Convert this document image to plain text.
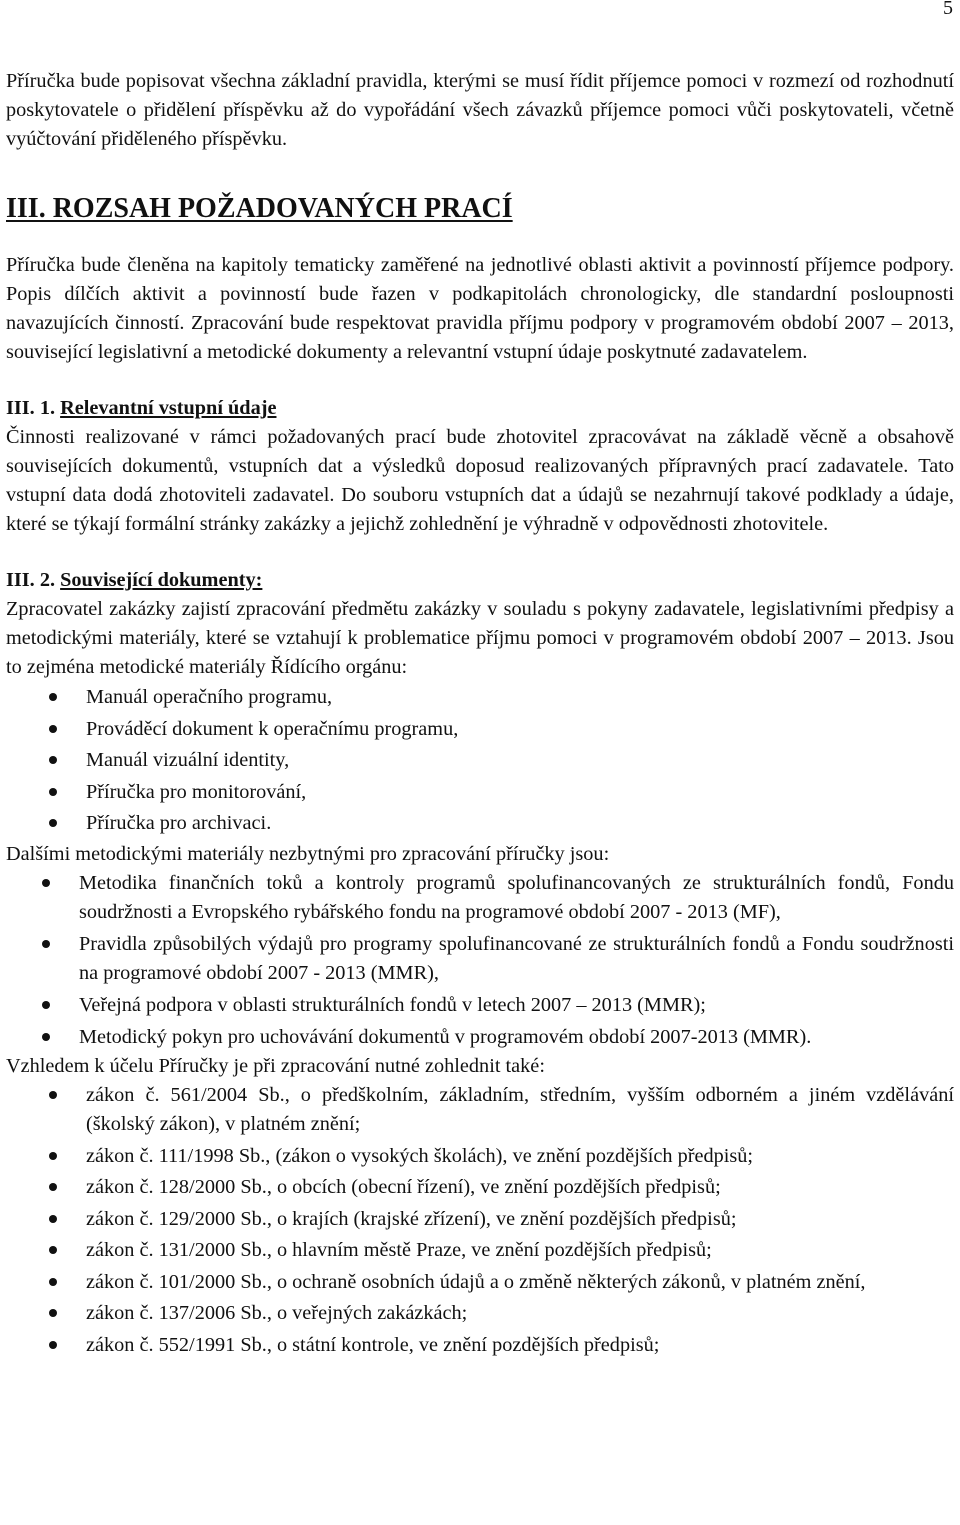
5

Příručka bude popisovat všechna základní pravidla, kterými se musí řídit příjemce pomoci v rozmezí od rozhodnutí poskytovatele o přidělení příspěvku až do vypořádání všech závazků příjemce pomoci vůči poskytovateli, včetně vyúčtování přiděleného příspěvku.

III. ROZSAH POŽADOVANÝCH PRACÍ

Příručka bude členěna na kapitoly tematicky zaměřené na jednotlivé oblasti aktivit a povinností příjemce podpory. Popis dílčích aktivit a povinností bude řazen v podkapitolách chronologicky, dle standardní posloupnosti navazujících činností. Zpracování bude respektovat pravidla příjmu podpory v programovém období 2007 – 2013, související legislativní a metodické dokumenty a relevantní vstupní údaje poskytnuté zadavatelem.

III. 1. Relevantní vstupní údaje

Činnosti realizované v rámci požadovaných prací bude zhotovitel zpracovávat na základě věcně a obsahově souvisejících dokumentů, vstupních dat a výsledků doposud realizovaných přípravných prací zadavatele. Tato vstupní data dodá zhotoviteli zadavatel. Do souboru vstupních dat a údajů se nezahrnují takové podklady a údaje, které se týkají formální stránky zakázky a jejichž zohlednění je výhradně v odpovědnosti zhotovitele.

III. 2. Související dokumenty:

Zpracovatel zakázky zajistí zpracování předmětu zakázky v souladu s pokyny zadavatele, legislativními předpisy a metodickými materiály, které se vztahují k problematice příjmu pomoci v programovém období 2007 – 2013. Jsou to zejména metodické materiály Řídícího orgánu:

Manuál operačního programu,
Prováděcí dokument k operačnímu programu,
Manuál vizuální identity,
Příručka pro monitorování,
Příručka pro archivaci.

Dalšími metodickými materiály nezbytnými pro zpracování příručky jsou:

Metodika finančních toků a kontroly programů spolufinancovaných ze strukturálních fondů, Fondu soudržnosti a Evropského rybářského fondu na programové období 2007 - 2013 (MF),
Pravidla způsobilých výdajů pro programy spolufinancované ze strukturálních fondů a Fondu soudržnosti na programové období 2007 - 2013 (MMR),
Veřejná podpora v oblasti strukturálních fondů v letech 2007 – 2013 (MMR);
Metodický pokyn pro uchovávání dokumentů v programovém období 2007-2013 (MMR).

Vzhledem k účelu Příručky je při zpracování nutné zohlednit také:

zákon č. 561/2004 Sb., o předškolním, základním, středním, vyšším odborném a jiném vzdělávání (školský zákon), v platném znění;
zákon č. 111/1998 Sb., (zákon o vysokých školách), ve znění pozdějších předpisů;
zákon č. 128/2000 Sb., o obcích (obecní řízení), ve znění pozdějších předpisů;
zákon č. 129/2000 Sb., o krajích (krajské zřízení), ve znění pozdějších předpisů;
zákon č. 131/2000 Sb., o hlavním městě Praze, ve znění pozdějších předpisů;
zákon č. 101/2000 Sb., o ochraně osobních údajů a o změně některých zákonů, v platném znění,
zákon č. 137/2006 Sb., o veřejných zakázkách;
zákon č. 552/1991 Sb., o státní kontrole, ve znění pozdějších předpisů;
